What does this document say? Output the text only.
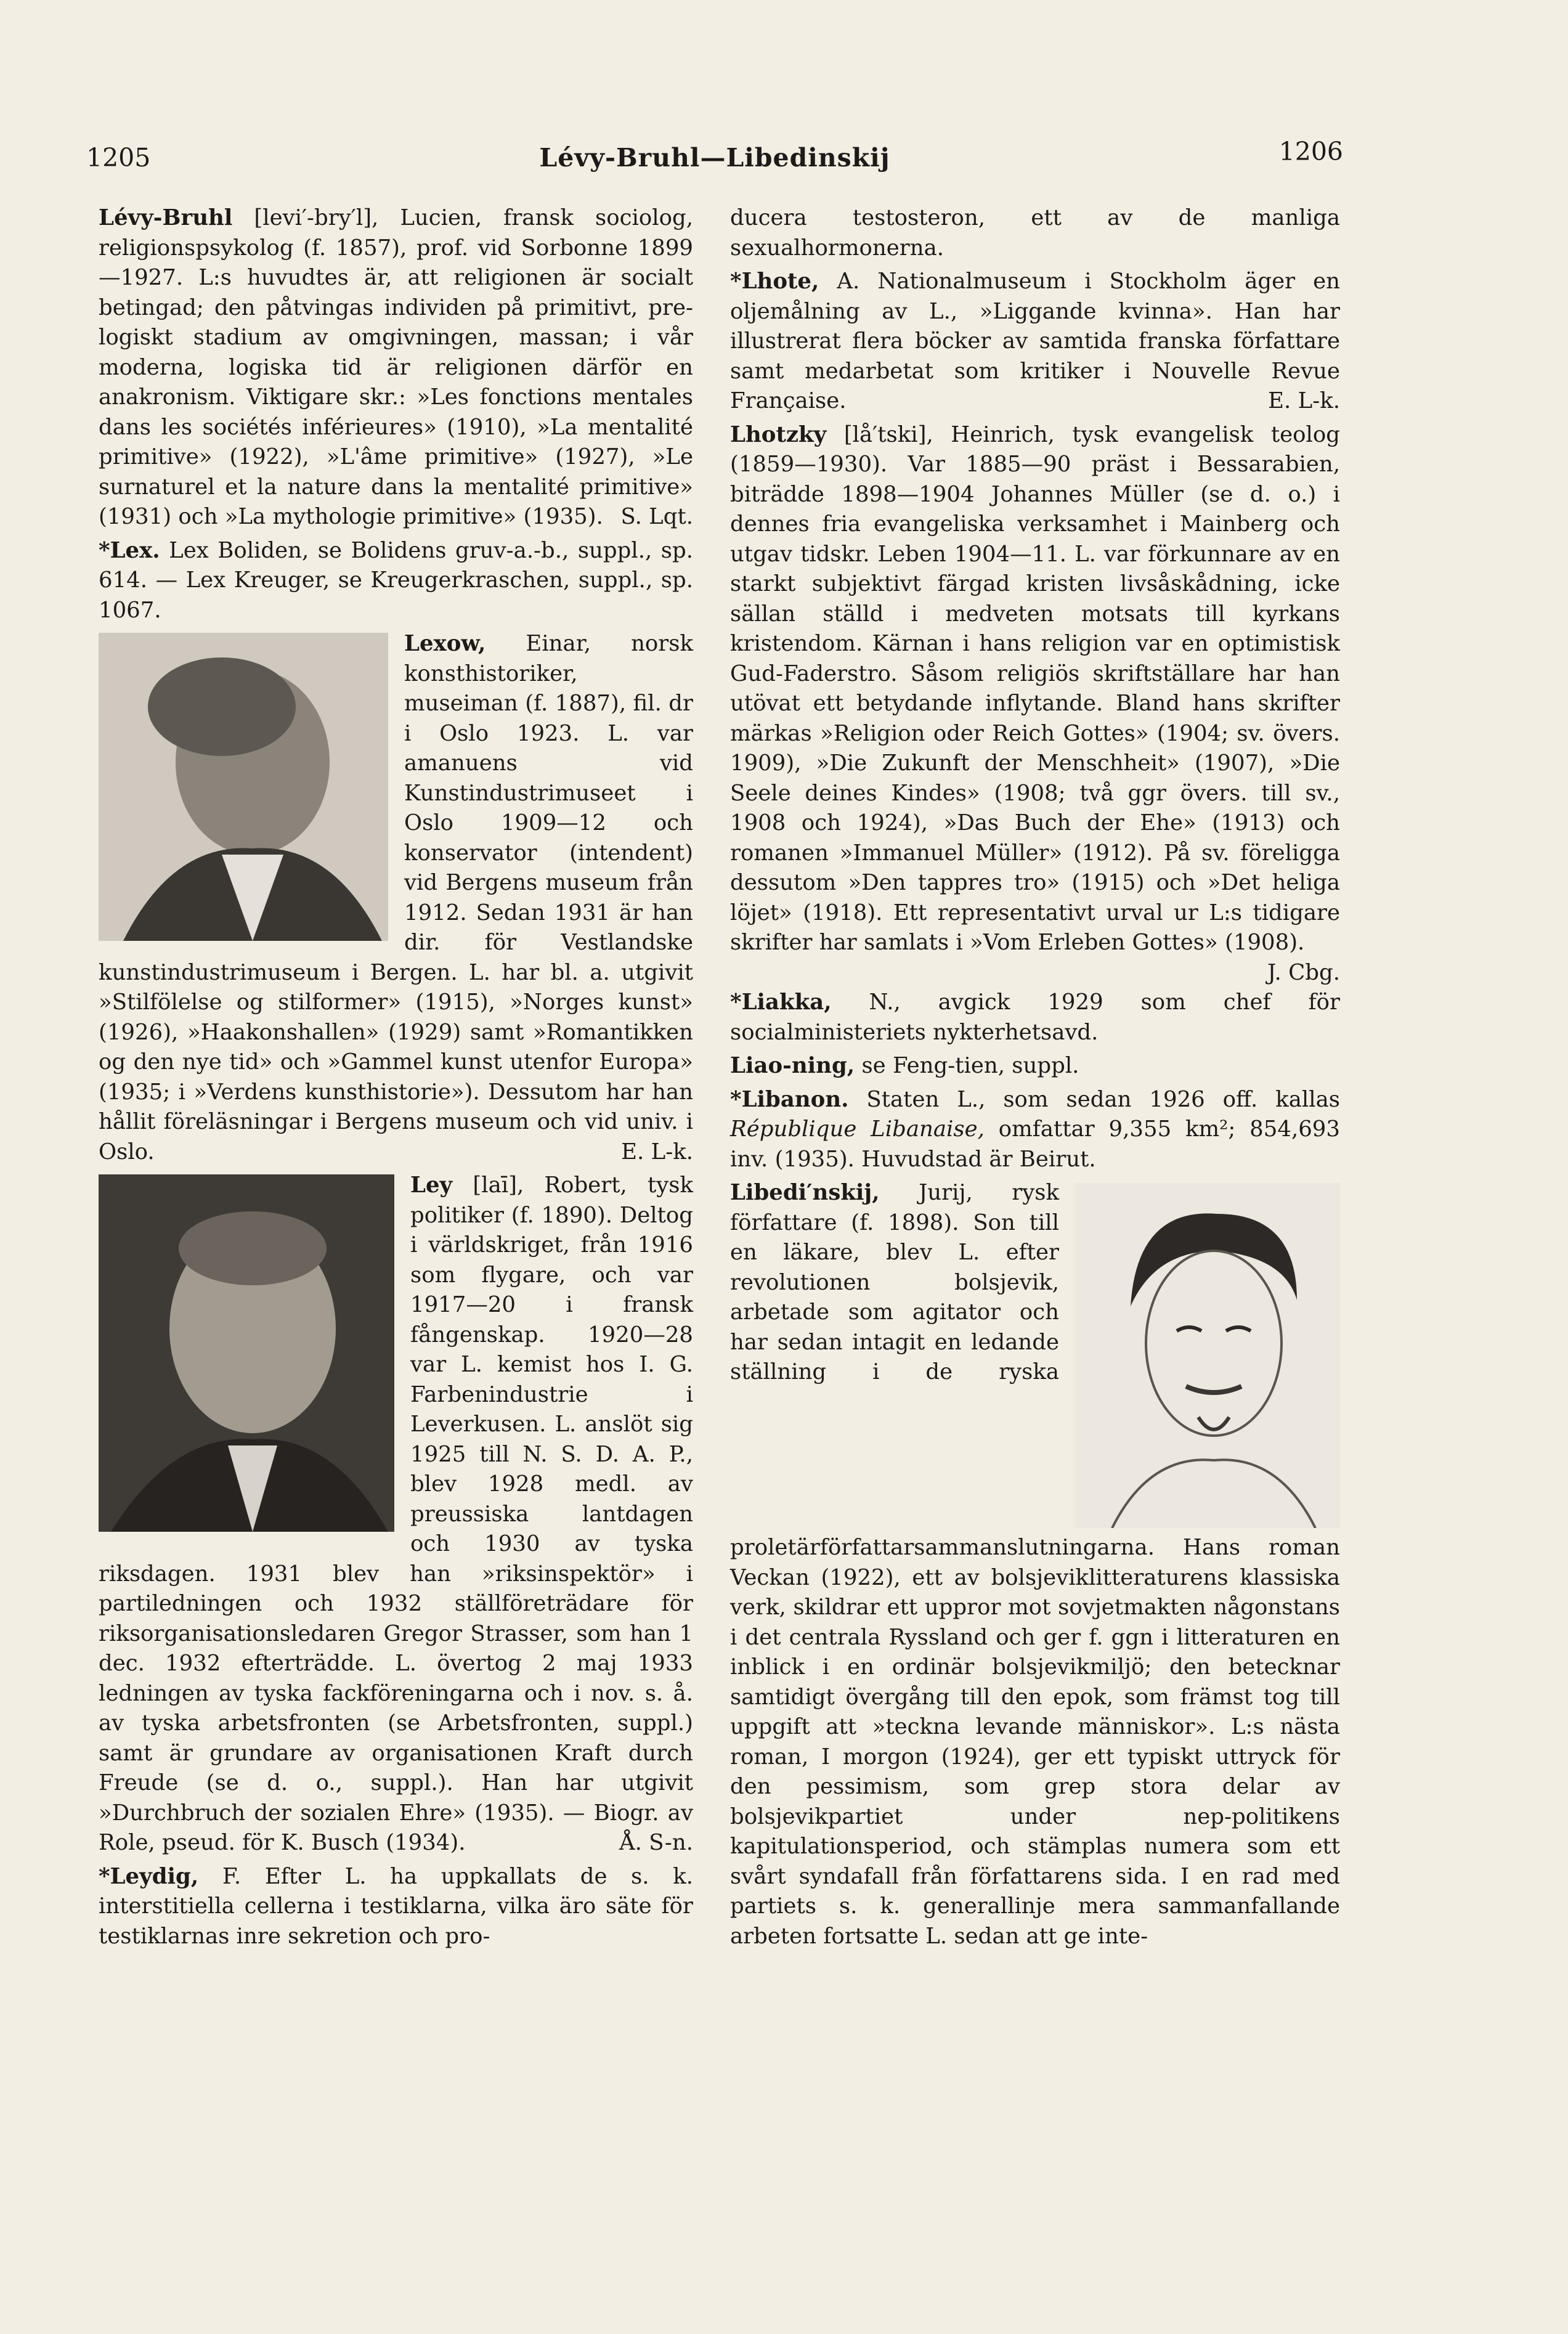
1205	Lévy-Bruhl—Libedinskij	1206

Lévy-Bruhl [levi′-bry′l], Lucien, fransk sociolog, religionspsykolog (f. 1857), prof. vid Sorbonne 1899—1927. L:s huvudtes är, att religionen är socialt betingad; den påtvingas individen på primitivt, pre-logiskt stadium av omgivningen, massan; i vår moderna, logiska tid är religionen därför en anakronism. Viktigare skr.: »Les fonctions mentales dans les sociétés inférieures» (1910), »La mentalité primitive» (1922), »L'âme primitive» (1927), »Le surnaturel et la nature dans la mentalité primitive» (1931) och »La mythologie primitive» (1935). S. Lqt.

*Lex. Lex Boliden, se Bolidens gruv-a.-b., suppl., sp. 614. — Lex Kreuger, se Kreugerkraschen, suppl., sp. 1067.

Lexow, Einar, norsk konsthistoriker, museiman (f. 1887), fil. dr i Oslo 1923. L. var amanuens vid Kunstindustrimuseet i Oslo 1909—12 och konservator (intendent) vid Bergens museum från 1912. Sedan 1931 är han dir. för Vestlandske kunstindustrimuseum i Bergen. L. har bl. a. utgivit »Stilfölelse og stilformer» (1915), »Norges kunst» (1926), »Haakonshallen» (1929) samt »Romantikken og den nye tid» och »Gammel kunst utenfor Europa» (1935; i »Verdens kunsthistorie»). Dessutom har han hållit föreläsningar i Bergens museum och vid univ. i Oslo.	E. L-k.

Ley [laī], Robert, tysk politiker (f. 1890). Deltog i världskriget, från 1916 som flygare, och var 1917—20 i fransk fångenskap. 1920—28 var L. kemist hos I. G. Farbenindustrie i Leverkusen. L. anslöt sig 1925 till N. S. D. A. P., blev 1928 medl. av preussiska lantdagen och 1930 av tyska riksdagen. 1931 blev han »riksinspektör» i partiledningen och 1932 ställföreträdare för riksorganisationsledaren Gregor Strasser, som han 1 dec. 1932 efterträdde. L. övertog 2 maj 1933 ledningen av tyska fackföreningarna och i nov. s. å. av tyska arbetsfronten (se Arbetsfronten, suppl.) samt är grundare av organisationen Kraft durch Freude (se d. o., suppl.). Han har utgivit »Durchbruch der sozialen Ehre» (1935). — Biogr. av Role, pseud. för K. Busch (1934).	Å. S-n.

*Leydig, F. Efter L. ha uppkallats de s. k. interstitiella cellerna i testiklarna, vilka äro säte för testiklarnas inre sekretion och pro-

ducera testosteron, ett av de manliga sexualhormonerna.

*Lhote, A. Nationalmuseum i Stockholm äger en oljemålning av L., »Liggande kvinna». Han har illustrerat flera böcker av samtida franska författare samt medarbetat som kritiker i Nouvelle Revue Française.	E. L-k.

Lhotzky [lå′tski], Heinrich, tysk evangelisk teolog (1859—1930). Var 1885—90 präst i Bessarabien, biträdde 1898—1904 Johannes Müller (se d. o.) i dennes fria evangeliska verksamhet i Mainberg och utgav tidskr. Leben 1904—11. L. var förkunnare av en starkt subjektivt färgad kristen livsåskådning, icke sällan ställd i medveten motsats till kyrkans kristendom. Kärnan i hans religion var en optimistisk Gud-Faderstro. Såsom religiös skriftställare har han utövat ett betydande inflytande. Bland hans skrifter märkas »Religion oder Reich Gottes» (1904; sv. övers. 1909), »Die Zukunft der Menschheit» (1907), »Die Seele deines Kindes» (1908; två ggr övers. till sv., 1908 och 1924), »Das Buch der Ehe» (1913) och romanen »Immanuel Müller» (1912). På sv. föreligga dessutom »Den tappres tro» (1915) och »Det heliga löjet» (1918). Ett representativt urval ur L:s tidigare skrifter har samlats i »Vom Erleben Gottes» (1908).
J. Cbg.

*Liakka, N., avgick 1929 som chef för socialministeriets nykterhetsavd.

Liao-ning, se Feng-tien, suppl.

*Libanon. Staten L., som sedan 1926 off. kallas République Libanaise, omfattar 9,355 km²; 854,693 inv. (1935). Huvudstad är Beirut.

Libedi′nskij, Jurij, rysk författare (f. 1898). Son till en läkare, blev L. efter revolutionen bolsjevik, arbetade som agitator och har sedan intagit en ledande ställning i de ryska proletärförfattarsammanslutningarna. Hans roman Veckan (1922), ett av bolsjeviklitteraturens klassiska verk, skildrar ett uppror mot sovjetmakten någonstans i det centrala Ryssland och ger f. ggn i litteraturen en inblick i en ordinär bolsjevikmiljö; den betecknar samtidigt övergång till den epok, som främst tog till uppgift att »teckna levande människor». L:s nästa roman, I morgon (1924), ger ett typiskt uttryck för den pessimism, som grep stora delar av bolsjevikpartiet under nep-politikens kapitulationsperiod, och stämplas numera som ett svårt syndafall från författarens sida. I en rad med partiets s. k. generallinje mera sammanfallande arbeten fortsatte L. sedan att ge inte-
